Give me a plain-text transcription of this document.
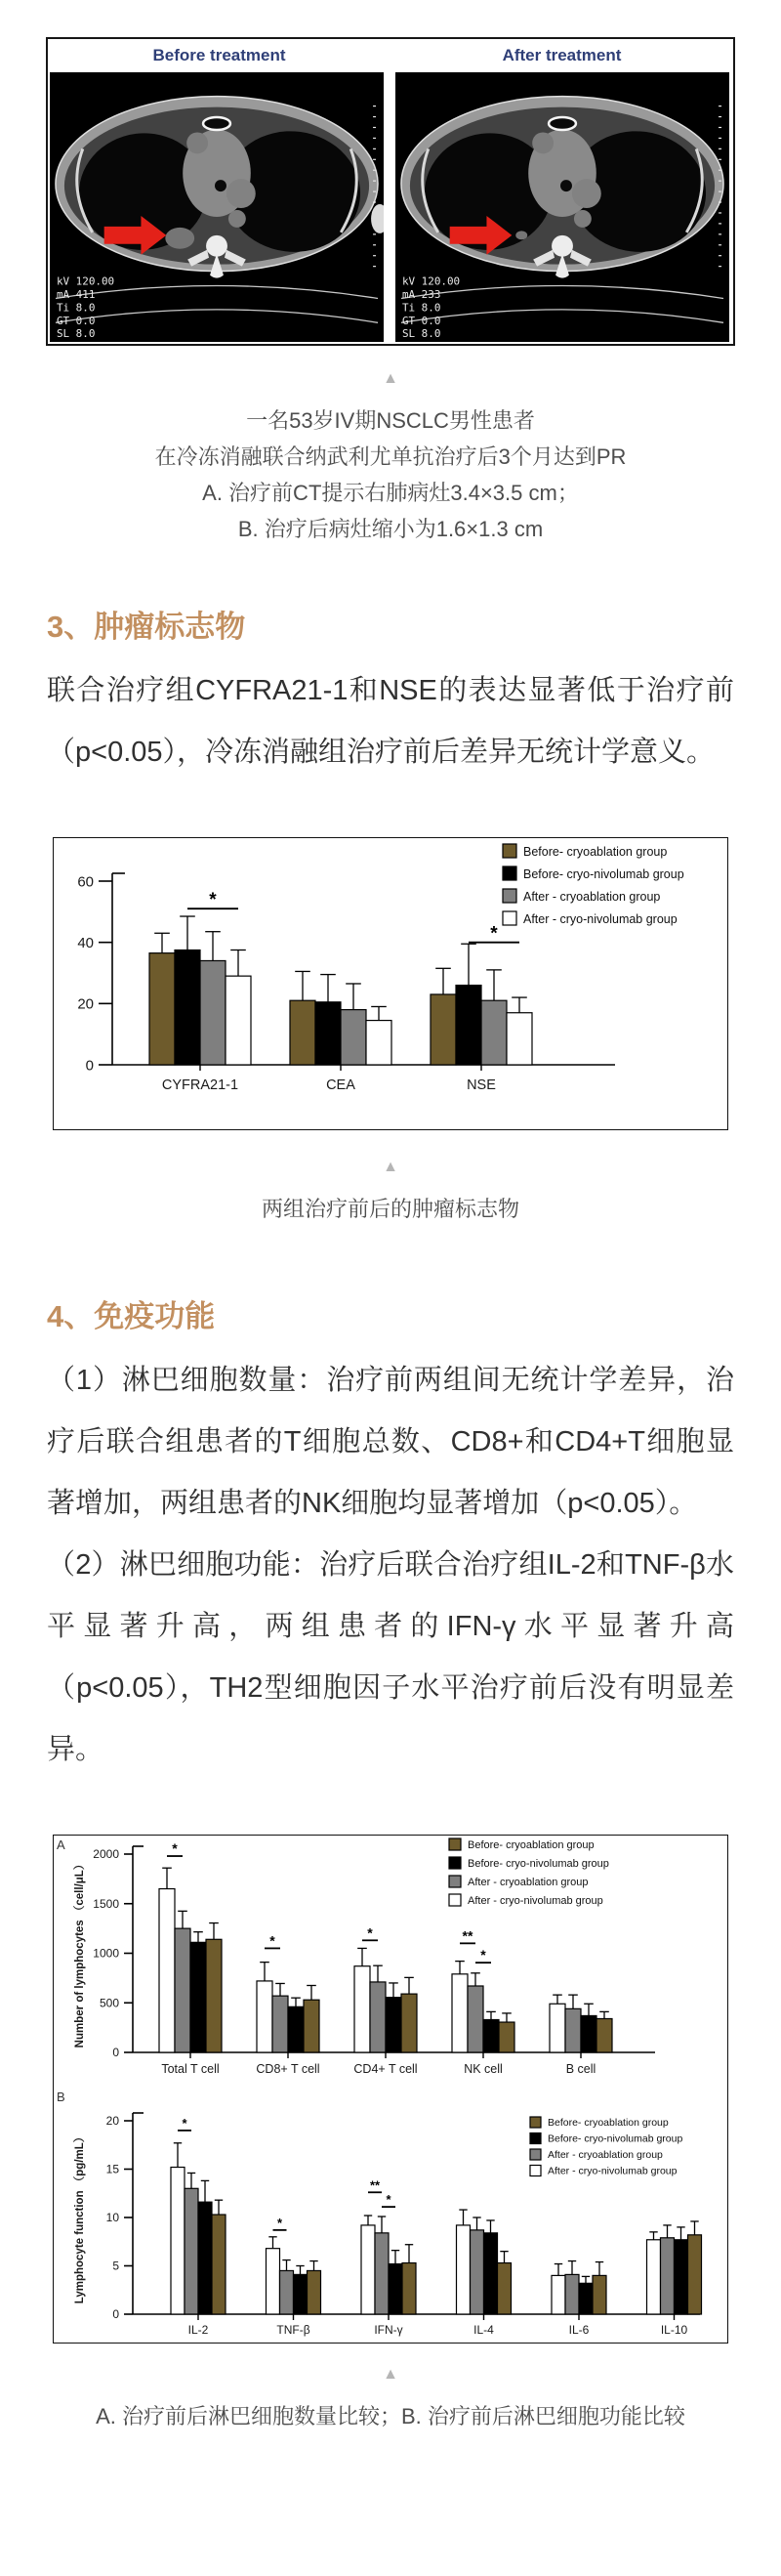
Before treatment	After treatment
kV 120.00
mA 411
Ti 8.0
GT 0.0
SL 8.0
kV 120.00
mA 233
Ti 8.0
GT 0.0
SL 8.0
▲

一名53岁IV期NSCLC男性患者

在冷冻消融联合纳武利尤单抗治疗后3个月达到PR

A. 治疗前CT提示右肺病灶3.4×3.5 cm；

B. 治疗后病灶缩小为1.6×1.3 cm

3、肿瘤标志物

联合治疗组CYFRA21-1和NSE的表达显著低于治疗前（p<0.05），冷冻消融组治疗前后差异无统计学意义。

0
20
40
60
CYFRA21-1	CEA	NSE
*
*
Before- cryoablation group
Before- cryo-nivolumab group
After - cryoablation group
After - cryo-nivolumab group
▲

两组治疗前后的肿瘤标志物

4、免疫功能

（1）淋巴细胞数量：治疗前两组间无统计学差异，治疗后联合组患者的T细胞总数、CD8+和CD4+T细胞显著增加，两组患者的NK细胞均显著增加（p<0.05）。

（2）淋巴细胞功能：治疗后联合治疗组IL-2和TNF-β水平显著升高，两组患者的IFN-γ水平显著升高（p<0.05），TH2型细胞因子水平治疗前后没有明显差异。

0
500
1000
1500
2000
Total T cell	CD8+ T cell	CD4+ T cell	NK cell	B cell
*
*
*	**
*
Number of lymphocytes （cell/μL）
A	Before- cryoablation group
Before- cryo-nivolumab group
After - cryoablation group
After - cryo-nivolumab group
0
5
10
15
20
IL-2	TNF-β	IFN-γ	IL-4	IL-6	IL-10
*
*
**
*
Lymphocyte function （pg/mL）
B
Before- cryoablation group
Before- cryo-nivolumab group
After - cryoablation group
After - cryo-nivolumab group
▲

A. 治疗前后淋巴细胞数量比较；B. 治疗前后淋巴细胞功能比较
